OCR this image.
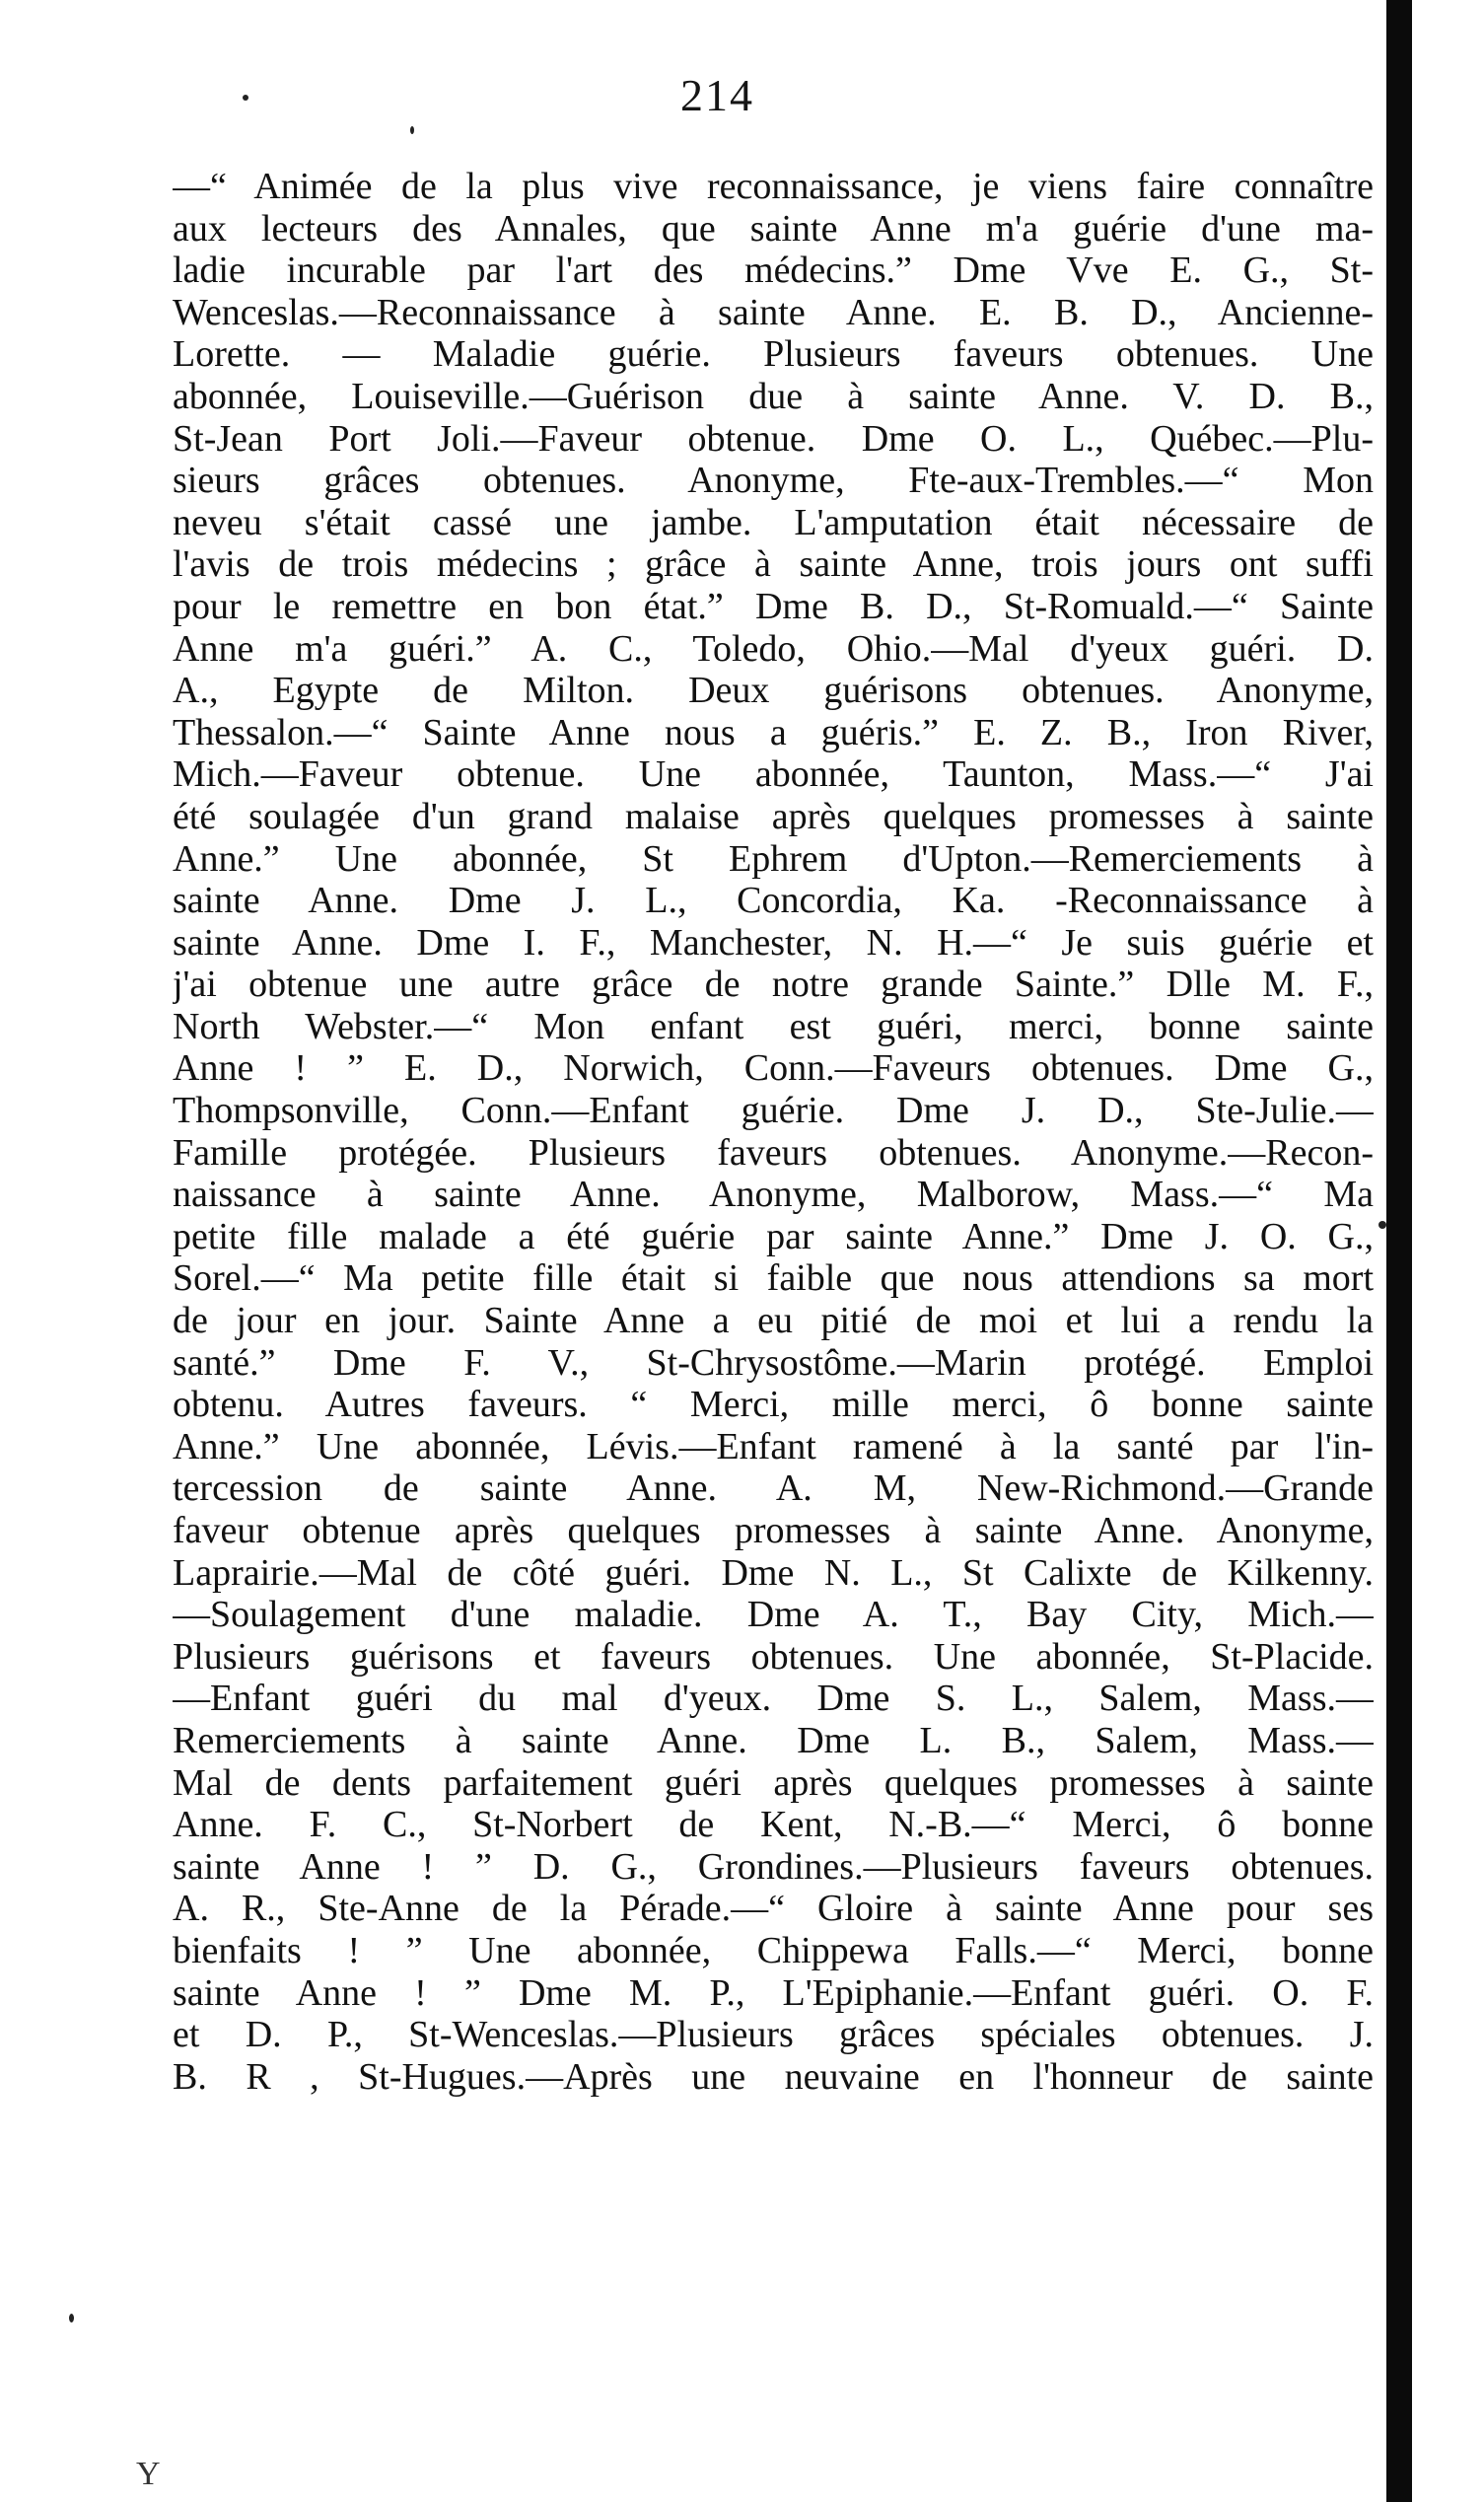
214
—“ Animée de la plus vive reconnaissance, je viens faire connaître
aux lecteurs des Annales, que sainte Anne m'a guérie d'une ma-
ladie incurable par l'art des médecins.” Dme Vve E. G., St-
Wenceslas.—Reconnaissance à sainte Anne. E. B. D., Ancienne-
Lorette. — Maladie guérie. Plusieurs faveurs obtenues. Une
abonnée, Louiseville.—Guérison due à sainte Anne. V. D. B.,
St-Jean Port Joli.—Faveur obtenue. Dme O. L., Québec.—Plu-
sieurs grâces obtenues. Anonyme, Fte-aux-Trembles.—“ Mon
neveu s'était cassé une jambe. L'amputation était nécessaire de
l'avis de trois médecins ; grâce à sainte Anne, trois jours ont suffi
pour le remettre en bon état.” Dme B. D., St-Romuald.—“ Sainte
Anne m'a guéri.” A. C., Toledo, Ohio.—Mal d'yeux guéri. D.
A., Egypte de Milton. Deux guérisons obtenues. Anonyme,
Thessalon.—“ Sainte Anne nous a guéris.” E. Z. B., Iron River,
Mich.—Faveur obtenue. Une abonnée, Taunton, Mass.—“ J'ai
été soulagée d'un grand malaise après quelques promesses à sainte
Anne.” Une abonnée, St Ephrem d'Upton.—Remerciements à
sainte Anne. Dme J. L., Concordia, Ka. -Reconnaissance à
sainte Anne. Dme I. F., Manchester, N. H.—“ Je suis guérie et
j'ai obtenue une autre grâce de notre grande Sainte.” Dlle M. F.,
North Webster.—“ Mon enfant est guéri, merci, bonne sainte
Anne ! ” E. D., Norwich, Conn.—Faveurs obtenues. Dme G.,
Thompsonville, Conn.—Enfant guérie. Dme J. D., Ste-Julie.—
Famille protégée. Plusieurs faveurs obtenues. Anonyme.—Recon-
naissance à sainte Anne. Anonyme, Malborow, Mass.—“ Ma
petite fille malade a été guérie par sainte Anne.” Dme J. O. G.,
Sorel.—“ Ma petite fille était si faible que nous attendions sa mort
de jour en jour. Sainte Anne a eu pitié de moi et lui a rendu la
santé.” Dme F. V., St-Chrysostôme.—Marin protégé. Emploi
obtenu. Autres faveurs. “ Merci, mille merci, ô bonne sainte
Anne.” Une abonnée, Lévis.—Enfant ramené à la santé par l'in-
tercession de sainte Anne. A. M, New-Richmond.—Grande
faveur obtenue après quelques promesses à sainte Anne. Anonyme,
Laprairie.—Mal de côté guéri. Dme N. L., St Calixte de Kilkenny.
—Soulagement d'une maladie. Dme A. T., Bay City, Mich.—
Plusieurs guérisons et faveurs obtenues. Une abonnée, St-Placide.
—Enfant guéri du mal d'yeux. Dme S. L., Salem, Mass.—
Remerciements à sainte Anne. Dme L. B., Salem, Mass.—
Mal de dents parfaitement guéri après quelques promesses à sainte
Anne. F. C., St-Norbert de Kent, N.-B.—“ Merci, ô bonne
sainte Anne ! ” D. G., Grondines.—Plusieurs faveurs obtenues.
A. R., Ste-Anne de la Pérade.—“ Gloire à sainte Anne pour ses
bienfaits ! ” Une abonnée, Chippewa Falls.—“ Merci, bonne
sainte Anne ! ” Dme M. P., L'Epiphanie.—Enfant guéri. O. F.
et D. P., St-Wenceslas.—Plusieurs grâces spéciales obtenues. J.
B. R , St-Hugues.—Après une neuvaine en l'honneur de sainte
Y
